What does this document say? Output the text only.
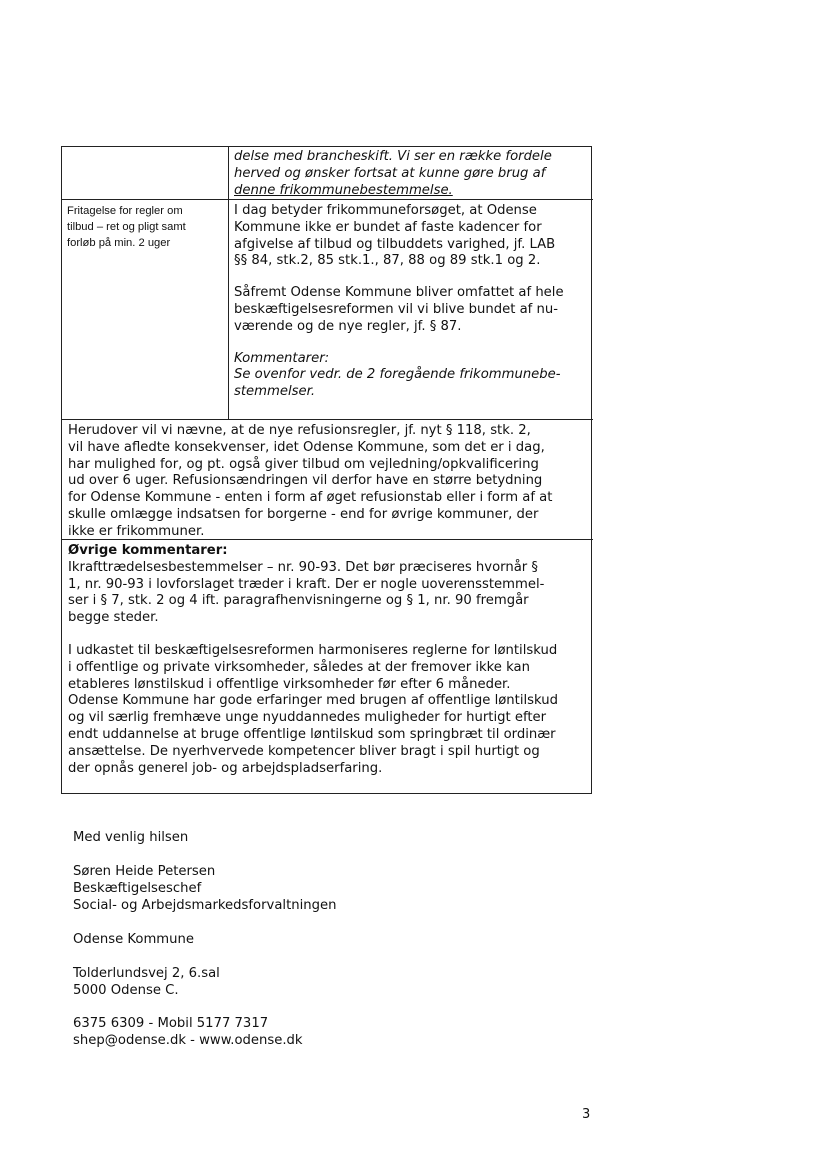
delse med brancheskift. Vi ser en række fordele

herved og ønsker fortsat at kunne gøre brug af

denne frikommunebestemmelse.

Fritagelse for regler om

tilbud – ret og pligt samt

forløb på min. 2 uger

I dag betyder frikommuneforsøget, at Odense

Kommune ikke er bundet af faste kadencer for

afgivelse af tilbud og tilbuddets varighed, jf. LAB

§§ 84, stk.2, 85 stk.1., 87, 88 og 89 stk.1 og 2.

Såfremt Odense Kommune bliver omfattet af hele

beskæftigelsesreformen vil vi blive bundet af nu-

værende og de nye regler, jf. § 87.

Kommentarer:

Se ovenfor vedr. de 2 foregående frikommunebe-

stemmelser.

Herudover vil vi nævne, at de nye refusionsregler, jf. nyt § 118, stk. 2,

vil have afledte konsekvenser, idet Odense Kommune, som det er i dag,

har mulighed for, og pt. også giver tilbud om vejledning/opkvalificering

ud over 6 uger. Refusionsændringen vil derfor have en større betydning

for Odense Kommune - enten i form af øget refusionstab eller i form af at

skulle omlægge indsatsen for borgerne - end for øvrige kommuner, der

ikke er frikommuner.

Øvrige kommentarer:

Ikrafttrædelsesbestemmelser – nr. 90-93. Det bør præciseres hvornår §

1, nr. 90-93 i lovforslaget træder i kraft. Der er nogle uoverensstemmel-

ser i § 7, stk. 2 og 4 ift. paragrafhenvisningerne og § 1, nr. 90 fremgår

begge steder.

I udkastet til beskæftigelsesreformen harmoniseres reglerne for løntilskud

i offentlige og private virksomheder, således at der fremover ikke kan

etableres lønstilskud i offentlige virksomheder før efter 6 måneder.

Odense Kommune har gode erfaringer med brugen af offentlige løntilskud

og vil særlig fremhæve unge nyuddannedes muligheder for hurtigt efter

endt uddannelse at bruge offentlige løntilskud som springbræt til ordinær

ansættelse. De nyerhvervede kompetencer bliver bragt i spil hurtigt og

der opnås generel job- og arbejdspladserfaring.

Med venlig hilsen

Søren Heide Petersen

Beskæftigelseschef

Social- og Arbejdsmarkedsforvaltningen

Odense Kommune

Tolderlundsvej 2, 6.sal

5000 Odense C.

6375 6309 - Mobil 5177 7317

shep@odense.dk - www.odense.dk

3
